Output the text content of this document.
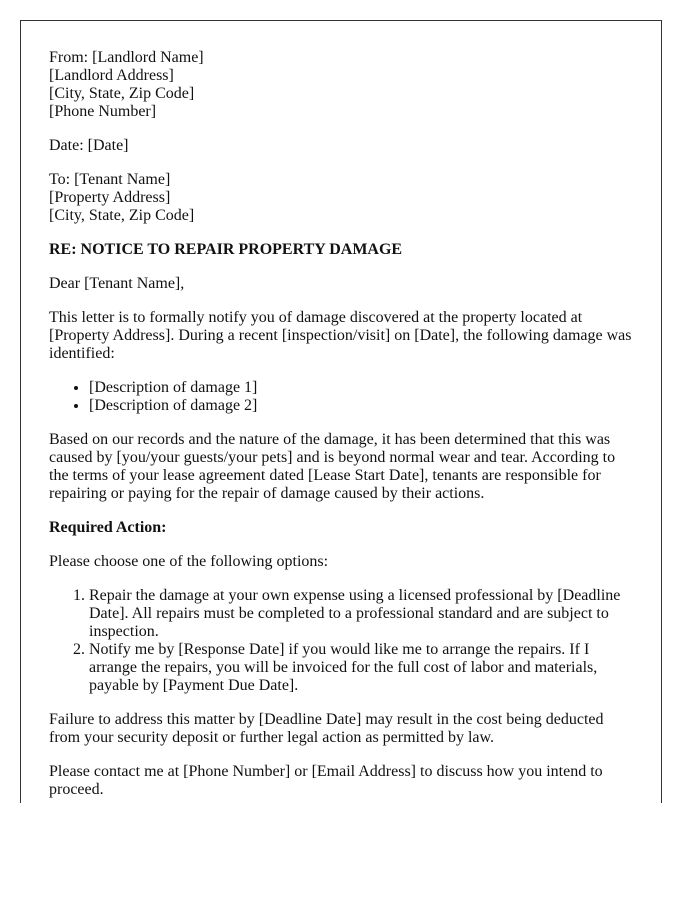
From: [Landlord Name]
[Landlord Address]
[City, State, Zip Code]
[Phone Number]

Date: [Date]

To: [Tenant Name]
[Property Address]
[City, State, Zip Code]

RE: NOTICE TO REPAIR PROPERTY DAMAGE

Dear [Tenant Name],

This letter is to formally notify you of damage discovered at the property located at [Property Address]. During a recent [inspection/visit] on [Date], the following damage was identified:

• [Description of damage 1]
• [Description of damage 2]

Based on our records and the nature of the damage, it has been determined that this was caused by [you/your guests/your pets] and is beyond normal wear and tear. According to the terms of your lease agreement dated [Lease Start Date], tenants are responsible for repairing or paying for the repair of damage caused by their actions.

Required Action:

Please choose one of the following options:

1. Repair the damage at your own expense using a licensed professional by [Deadline Date]. All repairs must be completed to a professional standard and are subject to inspection.
2. Notify me by [Response Date] if you would like me to arrange the repairs. If I arrange the repairs, you will be invoiced for the full cost of labor and materials, payable by [Payment Due Date].

Failure to address this matter by [Deadline Date] may result in the cost being deducted from your security deposit or further legal action as permitted by law.

Please contact me at [Phone Number] or [Email Address] to discuss how you intend to proceed.
